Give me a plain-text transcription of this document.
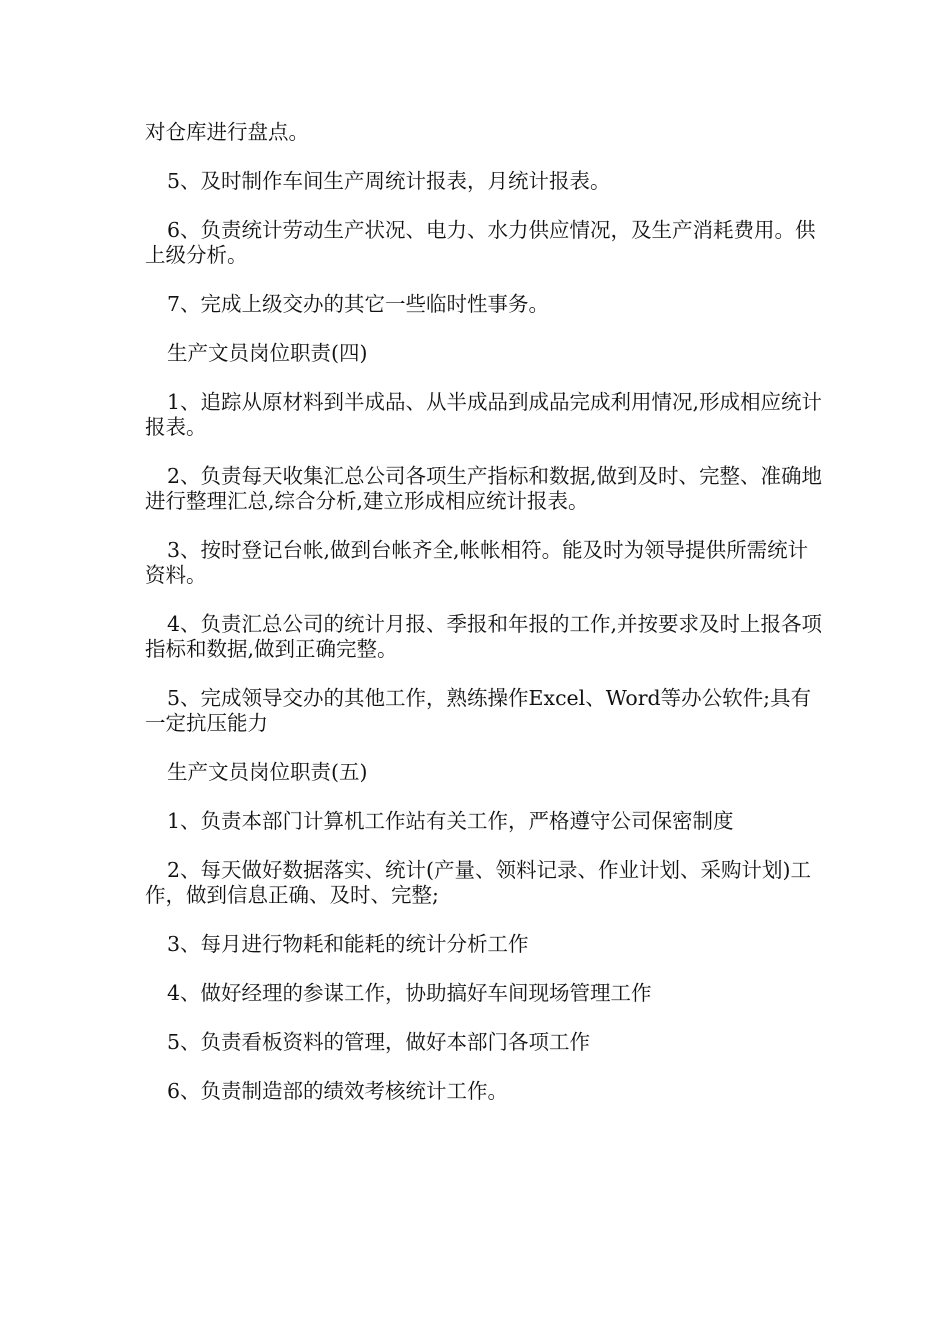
对仓库进行盘点。

5、及时制作车间生产周统计报表，月统计报表。

6、负责统计劳动生产状况、电力、水力供应情况，及生产消耗费用。供上级分析。

7、完成上级交办的其它一些临时性事务。

生产文员岗位职责(四)

1、追踪从原材料到半成品、从半成品到成品完成利用情况,形成相应统计报表。

2、负责每天收集汇总公司各项生产指标和数据,做到及时、完整、准确地进行整理汇总,综合分析,建立形成相应统计报表。

3、按时登记台帐,做到台帐齐全,帐帐相符。能及时为领导提供所需统计资料。

4、负责汇总公司的统计月报、季报和年报的工作,并按要求及时上报各项指标和数据,做到正确完整。

5、完成领导交办的其他工作，熟练操作Excel、Word等办公软件;具有一定抗压能力

生产文员岗位职责(五)

1、负责本部门计算机工作站有关工作，严格遵守公司保密制度

2、每天做好数据落实、统计(产量、领料记录、作业计划、采购计划)工作，做到信息正确、及时、完整;

3、每月进行物耗和能耗的统计分析工作

4、做好经理的参谋工作，协助搞好车间现场管理工作

5、负责看板资料的管理，做好本部门各项工作

6、负责制造部的绩效考核统计工作。
